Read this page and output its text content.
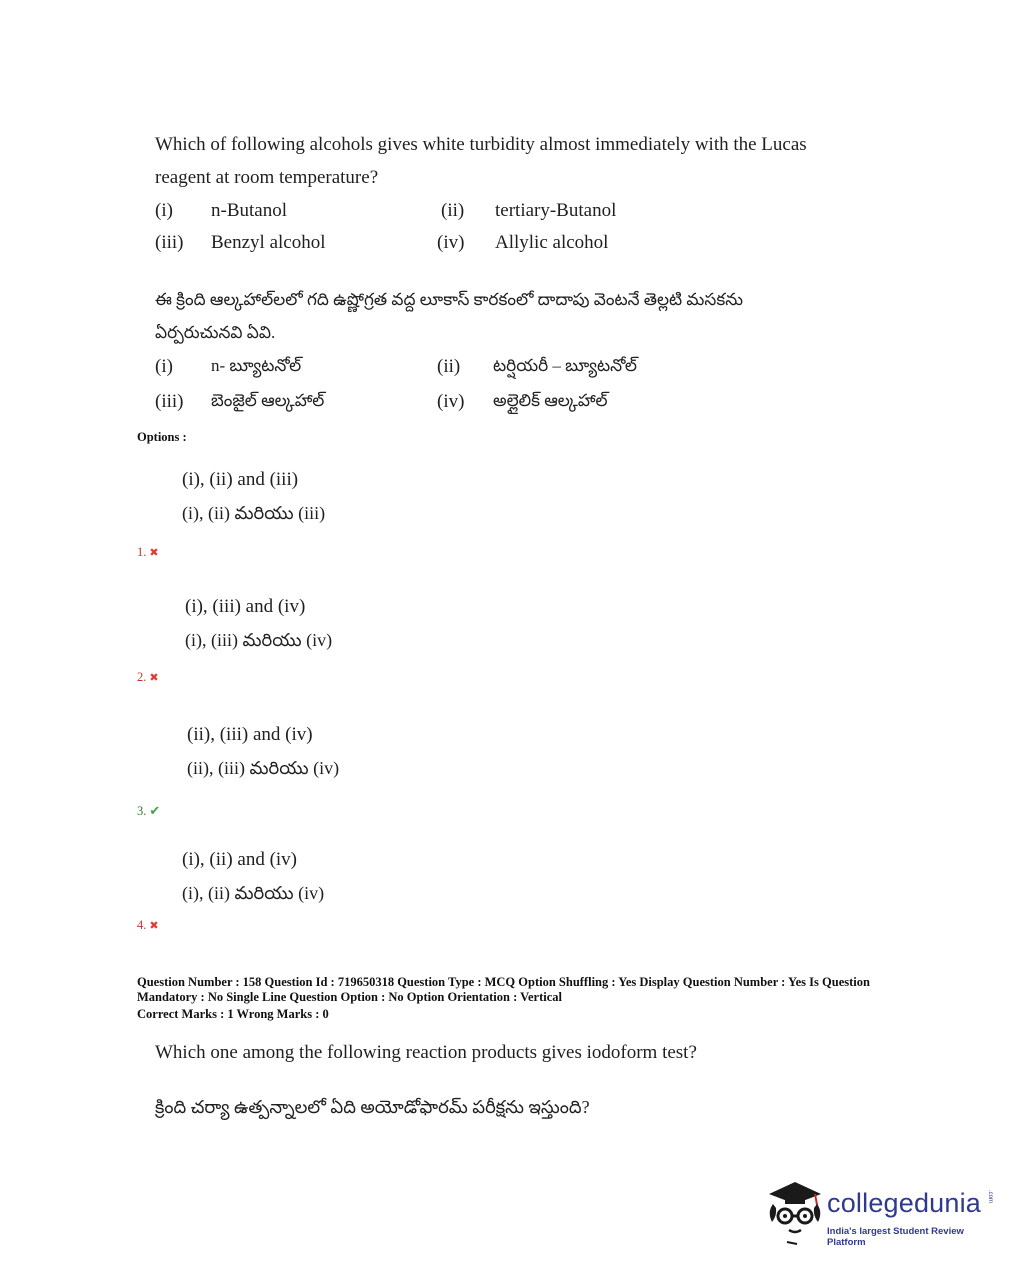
Which of following alcohols gives white turbidity almost immediately with the Lucas
reagent at room temperature?
(i) n-Butanol	(ii) tertiary-Butanol
(iii) Benzyl alcohol	(iv) Allylic alcohol
ఈ క్రింది ఆల్కహాల్‌లలో గది ఉష్ణోగ్రత వద్ద లూకాస్ కారకంలో దాదాపు వెంటనే తెల్లటి మసకను
ఏర్పరుచునవి ఏవి.
(i) n- బ్యూటనోల్	(ii) టర్షియరీ – బ్యూటనోల్
(iii) బెంజైల్ ఆల్కహాల్	(iv) అల్లైలిక్ ఆల్కహాల్
Options :
(i), (ii) and (iii)
(i), (ii) మరియు (iii)
1. ✖
(i), (iii) and (iv)
(i), (iii) మరియు (iv)
2. ✖
(ii), (iii) and (iv)
(ii), (iii) మరియు (iv)
3. ✔
(i), (ii) and (iv)
(i), (ii) మరియు (iv)
4. ✖
Question Number : 158 Question Id : 719650318 Question Type : MCQ Option Shuffling : Yes Display Question Number : Yes Is Question
Mandatory : No Single Line Question Option : No Option Orientation : Vertical
Correct Marks : 1 Wrong Marks : 0
Which one among the following reaction products gives iodoform test?
క్రింది చర్యా ఉత్పన్నాలలో ఏది అయోడోఫారమ్ పరీక్షను ఇస్తుంది?
collegedunia .com
India's largest Student Review Platform
